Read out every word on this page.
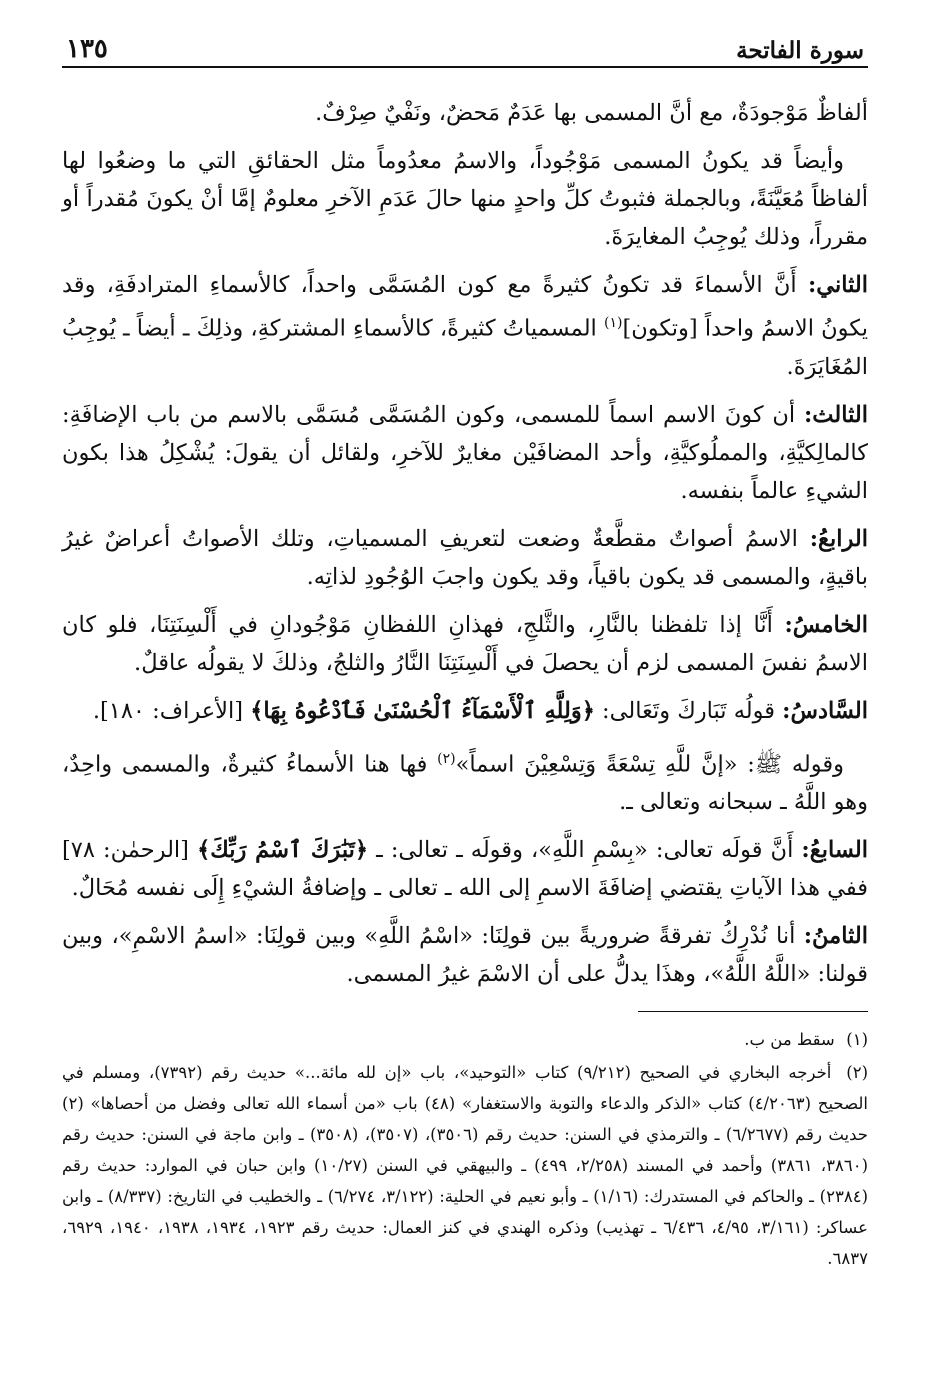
سورة الفاتحة
١٣٥

ألفاظٌ مَوْجودَةٌ، مع أنَّ المسمى بها عَدَمٌ مَحضٌ، ونَفْيٌ صِرْفٌ.

وأيضاً قد يكونُ المسمى مَوْجُوداً، والاسمُ معدُوماً مثل الحقائقِ التي ما وضعُوا لها ألفاظاً مُعَيَّنَةً، وبالجملة فثبوتُ كلِّ واحدٍ منها حالَ عَدَمِ الآخرِ معلومٌ إمَّا أنْ يكونَ مُقدراً أو مقرراً، وذلك يُوجِبُ المغايرَةَ.

الثاني: أَنَّ الأسماءَ قد تكونُ كثيرةً مع كون المُسَمَّى واحداً، كالأسماءِ المترادفَةِ، وقد يكونُ الاسمُ واحداً [وتكون]$^{(١)}$ المسمياتُ كثيرةً، كالأسماءِ المشتركةِ، وذلِكَ ـ أيضاً ـ يُوجِبُ المُغَايَرَةَ.

الثالث: أن كونَ الاسم اسماً للمسمى، وكون المُسَمَّى مُسَمَّى بالاسم من باب الإضافَةِ: كالمالِكيَّةِ، والمملُوكيَّةِ، وأحد المضافَيْن مغايرٌ للآخرِ، ولقائل أن يقولَ: يُشْكِلُ هذا بكون الشيءِ عالماً بنفسه.

الرابعُ: الاسمُ أصواتٌ مقطَّعةٌ وضعت لتعريفِ المسمياتِ، وتلك الأصواتُ أعراضٌ غيرُ باقيةٍ، والمسمى قد يكون باقياً، وقد يكون واجبَ الوُجُودِ لذاتِه.

الخامسُ: أَنَّا إذا تلفظنا بالنَّارِ، والثَّلجِ، فهذانِ اللفظانِ مَوْجُودانِ في أَلْسِنَتِنَا، فلو كان الاسمُ نفسَ المسمى لزم أن يحصلَ في أَلْسِنَتِنَا النَّارُ والثلجُ، وذلكَ لا يقولُه عاقلٌ.

السَّادسُ: قولُه تَبَاركَ وتَعَالى: ﴿وَلِلَّهِ ٱلْأَسْمَآءُ ٱلْحُسْنَىٰ فَٱدْعُوهُ بِهَا﴾ [الأعراف: ١٨٠].

وقوله ﷺ: «إنَّ للَّهِ تِسْعَةً وَتِسْعِيْنَ اسماً»$^{(٢)}$ فها هنا الأسماءُ كثيرةٌ، والمسمى واحِدٌ، وهو اللَّهُ ـ سبحانه وتعالى ـ.

السابعُ: أَنَّ قولَه تعالى: «بِسْمِ اللَّهِ»، وقولَه ـ تعالى: ـ ﴿تَبَٰرَكَ ٱسْمُ رَبِّكَ﴾ [الرحمٰن: ٧٨] ففي هذا الآياتِ يقتضي إضافَةَ الاسمِ إلى الله ـ تعالى ـ وإضافةُ الشيْءِ إِلَى نفسه مُحَالٌ.

الثامنُ: أنا نُدْرِكُ تفرقةً ضروريةً بين قولِنَا: «اسْمُ اللَّهِ» وبين قولِنَا: «اسمُ الاسْمِ»، وبين قولنا: «اللَّهُ اللَّهُ»، وهذَا يدلُّ على أن الاسْمَ غيرُ المسمى.

(١) سقط من ب.

(٢) أخرجه البخاري في الصحيح (٩/٢١٢) كتاب «التوحيد»، باب «إن لله مائة...» حديث رقم (٧٣٩٢)، ومسلم في الصحيح (٤/٢٠٦٣) كتاب «الذكر والدعاء والتوبة والاستغفار» (٤٨) باب «من أسماء الله تعالى وفضل من أحصاها» (٢) حديث رقم (٦/٢٦٧٧) ـ والترمذي في السنن: حديث رقم (٣٥٠٦)، (٣٥٠٧)، (٣٥٠٨) ـ وابن ماجة في السنن: حديث رقم (٣٨٦٠، ٣٨٦١) وأحمد في المسند (٢/٢٥٨، ٤٩٩) ـ والبيهقي في السنن (١٠/٢٧) وابن حبان في الموارد: حديث رقم (٢٣٨٤) ـ والحاكم في المستدرك: (١/١٦) ـ وأبو نعيم في الحلية: (٣/١٢٢، ٦/٢٧٤) ـ والخطيب في التاريخ: (٨/٣٣٧) ـ وابن عساكر: (٣/١٦١، ٤/٩٥، ٦/٤٣٦ ـ تهذيب) وذكره الهندي في كنز العمال: حديث رقم ١٩٢٣، ١٩٣٤، ١٩٣٨، ١٩٤٠، ٦٩٢٩، ٦٨٣٧.
